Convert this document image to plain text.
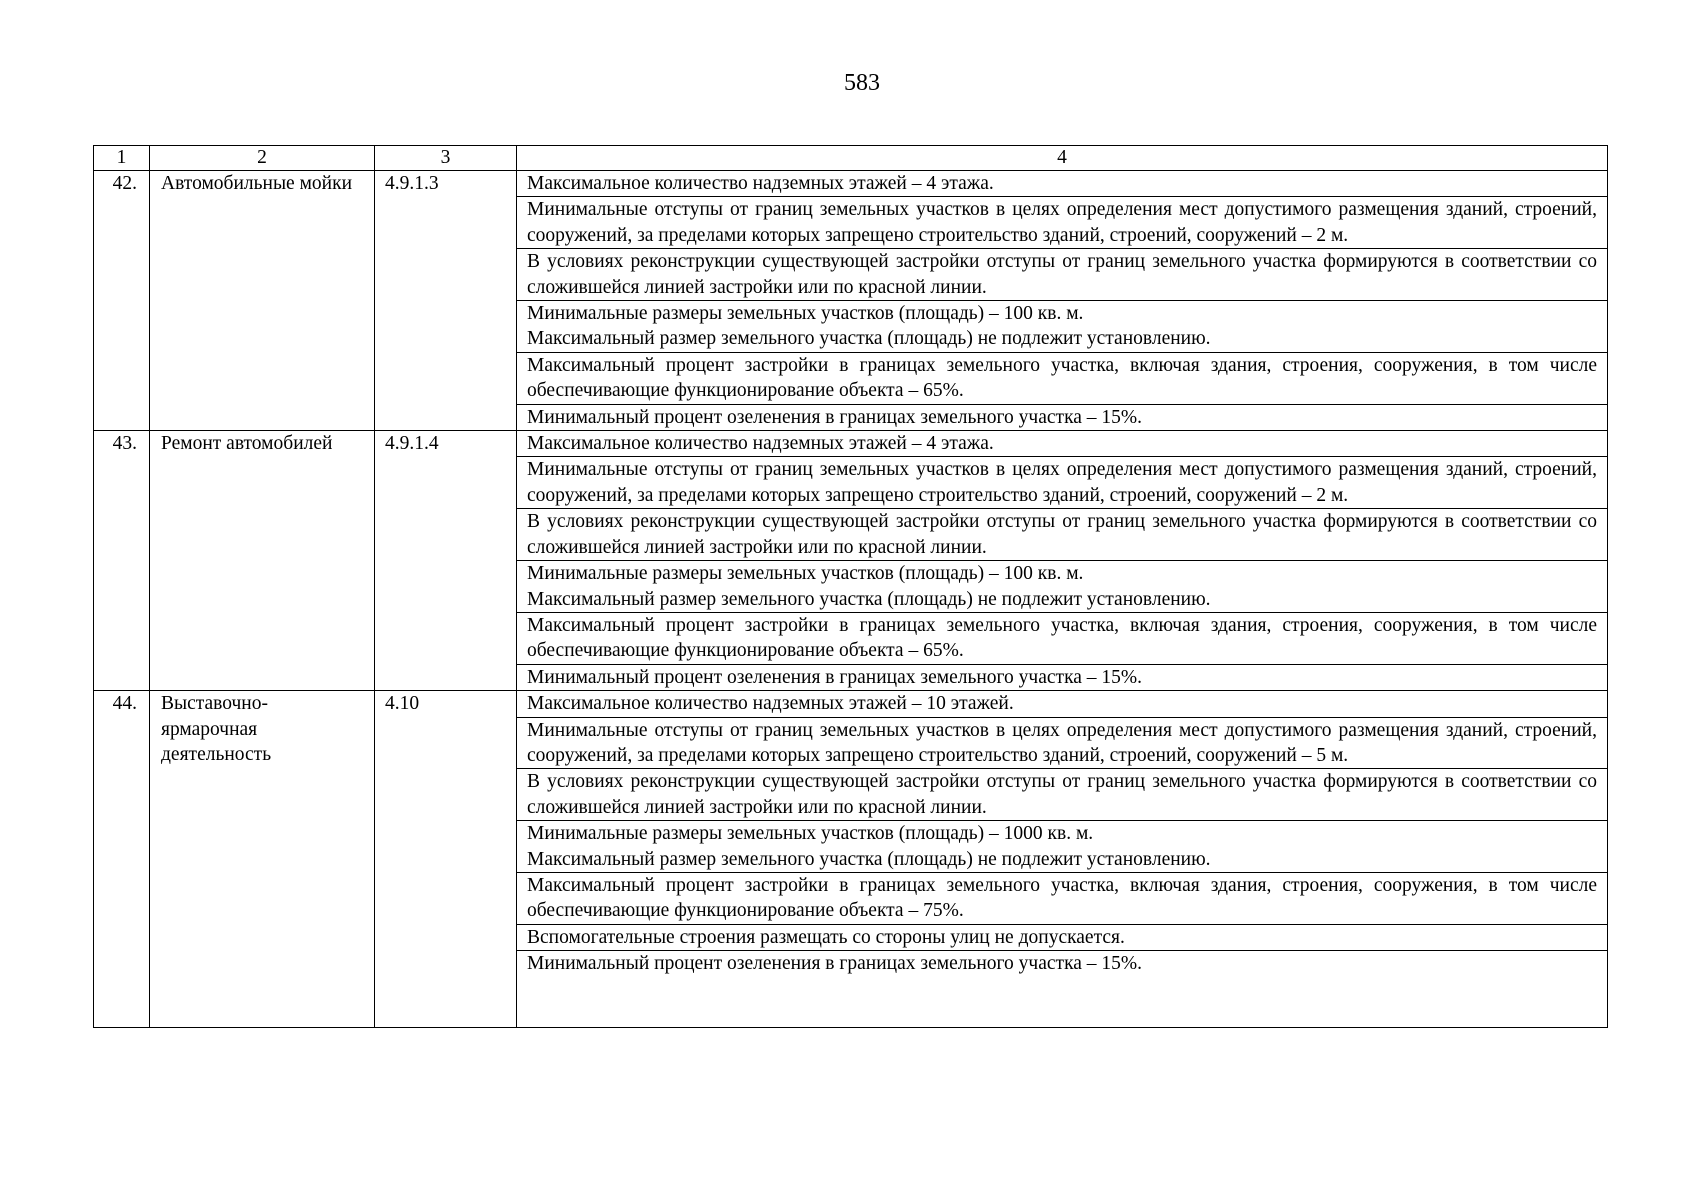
583
1	2	3	4
42.	Автомобильные мойки	4.9.1.3	Максимальное количество надземных этажей – 4 этажа.
			Минимальные отступы от границ земельных участков в целях определения мест допустимого размещения зданий, строений, сооружений, за пределами которых запрещено строительство зданий, строений, сооружений – 2 м.
			В условиях реконструкции существующей застройки отступы от границ земельного участка формируются в соответствии со сложившейся линией застройки или по красной линии.
			Минимальные размеры земельных участков (площадь) – 100 кв. м.
Максимальный размер земельного участка (площадь) не подлежит установлению.
			Максимальный процент застройки в границах земельного участка, включая здания, строения, сооружения, в том числе обеспечивающие функционирование объекта – 65%.
			Минимальный процент озеленения в границах земельного участка – 15%.
43.	Ремонт автомобилей	4.9.1.4	Максимальное количество надземных этажей – 4 этажа.
			Минимальные отступы от границ земельных участков в целях определения мест допустимого размещения зданий, строений, сооружений, за пределами которых запрещено строительство зданий, строений, сооружений – 2 м.
			В условиях реконструкции существующей застройки отступы от границ земельного участка формируются в соответствии со сложившейся линией застройки или по красной линии.
			Минимальные размеры земельных участков (площадь) – 100 кв. м.
Максимальный размер земельного участка (площадь) не подлежит установлению.
			Максимальный процент застройки в границах земельного участка, включая здания, строения, сооружения, в том числе обеспечивающие функционирование объекта – 65%.
			Минимальный процент озеленения в границах земельного участка – 15%.
44.	Выставочно-ярмарочная деятельность	4.10	Максимальное количество надземных этажей – 10 этажей.
			Минимальные отступы от границ земельных участков в целях определения мест допустимого размещения зданий, строений, сооружений, за пределами которых запрещено строительство зданий, строений, сооружений – 5 м.
			В условиях реконструкции существующей застройки отступы от границ земельного участка формируются в соответствии со сложившейся линией застройки или по красной линии.
			Минимальные размеры земельных участков (площадь) – 1000 кв. м.
Максимальный размер земельного участка (площадь) не подлежит установлению.
			Максимальный процент застройки в границах земельного участка, включая здания, строения, сооружения, в том числе обеспечивающие функционирование объекта – 75%.
			Вспомогательные строения размещать со стороны улиц не допускается.
			Минимальный процент озеленения в границах земельного участка – 15%.
